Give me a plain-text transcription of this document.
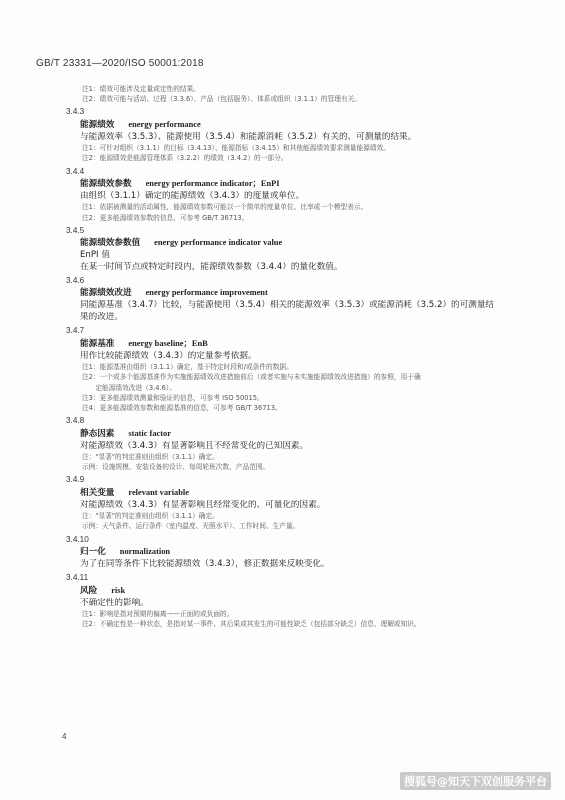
GB/T 23331—2020/ISO 50001:2018
注1：绩效可能涉及定量或定性的结果。
注2：绩效可能与活动、过程（3.3.6）、产品（包括服务）、体系或组织（3.1.1）的管理有关。
3.4.3
能源绩效 energy performance
与能源效率（3.5.3）、能源使用（3.5.4）和能源消耗（3.5.2）有关的、可测量的结果。
注1：可针对组织（3.1.1）的目标（3.4.13）、能源指标（3.4.15）和其他能源绩效要求测量能源绩效。
注2：能源绩效是能源管理体系（3.2.2）的绩效（3.4.2）的一部分。
3.4.4
能源绩效参数 energy performance indicator；EnPI
由组织（3.1.1）确定的能源绩效（3.4.3）的度量或单位。
注1：依据被测量的活动属性，能源绩效参数可能以一个简单的度量单位、比率或一个模型表示。
注2：更多能源绩效参数的信息，可参考 GB/T 36713。
3.4.5
能源绩效参数值 energy performance indicator value
EnPI 值
在某一时间节点或特定时段内，能源绩效参数（3.4.4）的量化数值。
3.4.6
能源绩效改进 energy performance improvement
同能源基准（3.4.7）比较，与能源使用（3.5.4）相关的能源效率（3.5.3）或能源消耗（3.5.2）的可测量结
果的改进。
3.4.7
能源基准 energy baseline；EnB
用作比较能源绩效（3.4.3）的定量参考依据。
注1：能源基准由组织（3.1.1）确定，基于特定时段和/或条件的数据。
注2：一个或多个能源基准作为实施能源绩效改进措施前后（或者实施与未实施能源绩效改进措施）的参照，用于确
　　定能源绩效改进（3.4.6）。
注3：更多能源绩效测量和验证的信息，可参考 ISO 50015。
注4：更多能源绩效参数和能源基准的信息，可参考 GB/T 36713。
3.4.8
静态因素 static factor
对能源绩效（3.4.3）有显著影响且不经常变化的已知因素。
注："显著"的判定准则由组织（3.1.1）确定。
示例：设施规模、安装设备的设计、每周轮班次数、产品范围。
3.4.9
相关变量 relevant variable
对能源绩效（3.4.3）有显著影响且经常变化的、可量化的因素。
注："显著"的判定准则由组织（3.1.1）确定。
示例：天气条件、运行条件（室内温度、光照水平）、工作时间、生产量。
3.4.10
归一化 normalization
为了在同等条件下比较能源绩效（3.4.3），修正数据来反映变化。
3.4.11
风险 risk
不确定性的影响。
注1：影响是指对预期的偏离——正面的或负面的。
注2：不确定性是一种状态，是指对某一事件、其后果或其发生的可能性缺乏（包括部分缺乏）信息、理解或知识。
4
搜狐号@知天下双创服务平台
